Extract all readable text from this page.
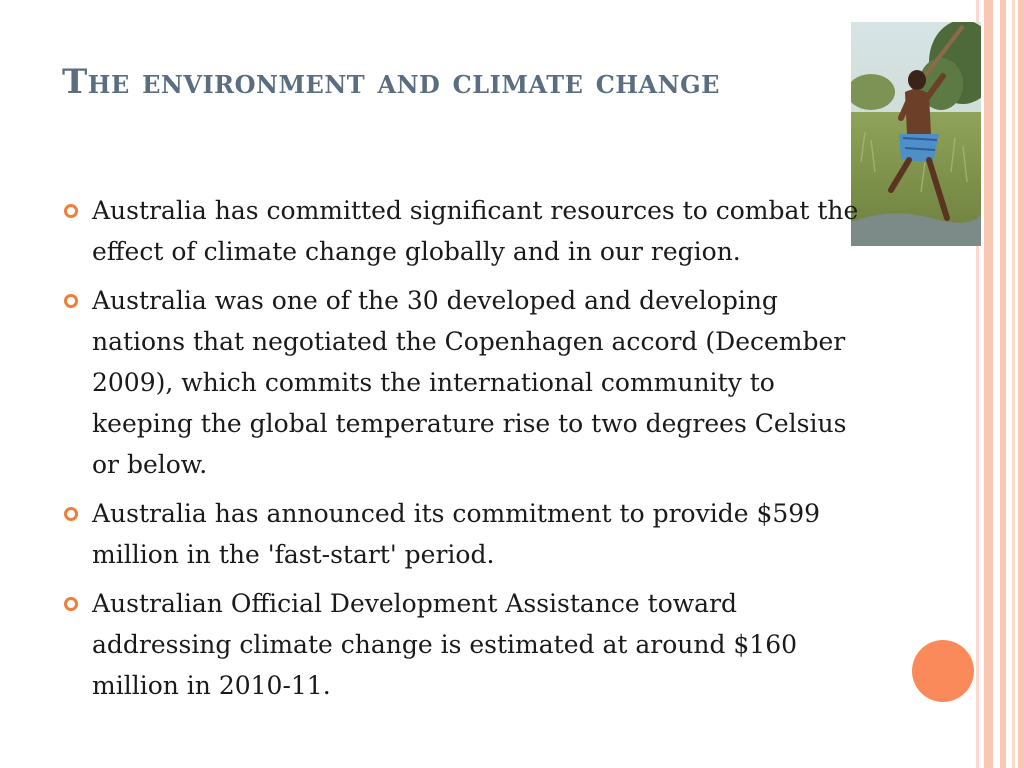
The environment and climate change
Australia has committed significant resources to combat the effect of climate change globally and in our region.
Australia was one of the 30 developed and developing nations that negotiated the Copenhagen accord (December 2009), which commits the international community to keeping the global temperature rise to two degrees Celsius or below.
Australia has announced its commitment to provide $599 million in the 'fast-start' period.
Australian Official Development Assistance toward addressing climate change is estimated at around $160 million in 2010-11.
